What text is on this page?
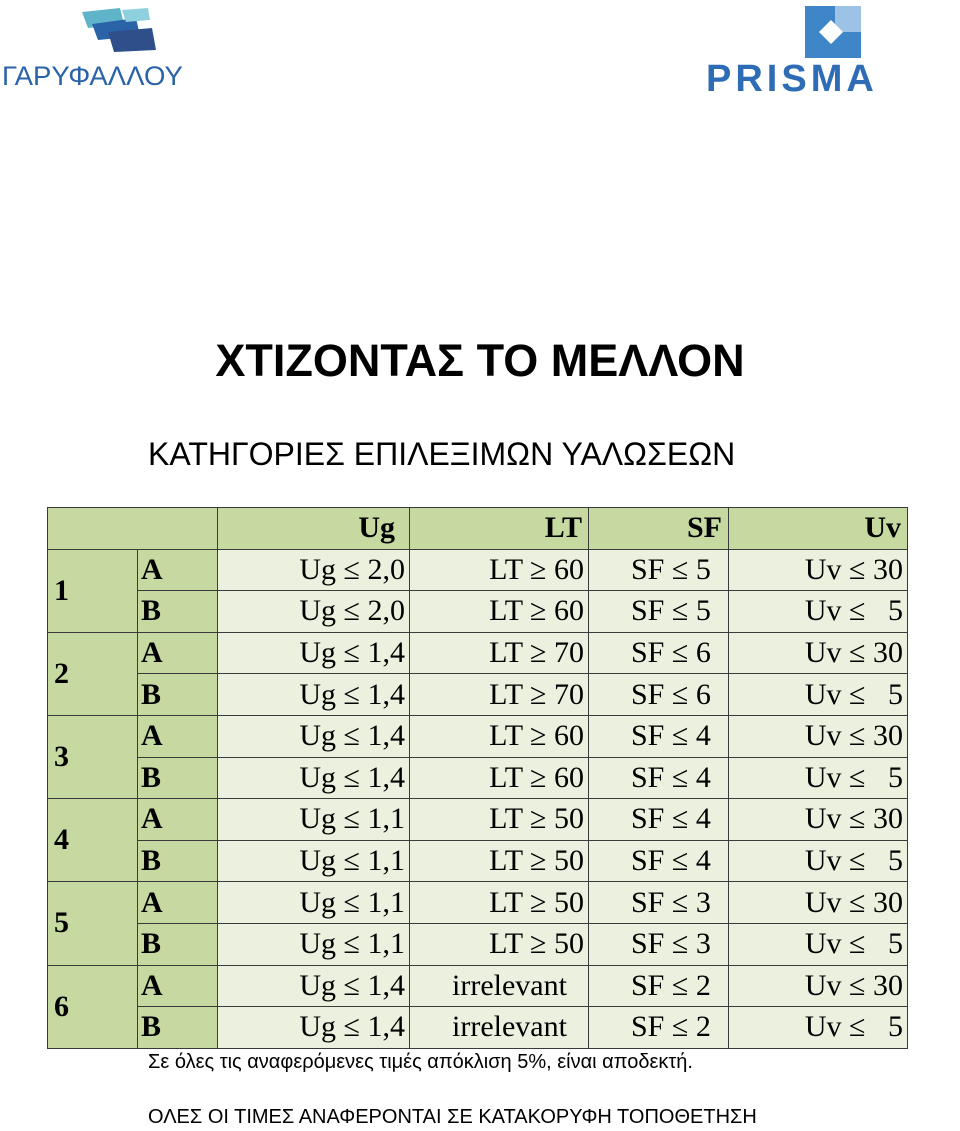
ΓΑΡΥΦΑΛΛΟΥ	PRISMA
ΧΤΙΖΟΝΤΑΣ ΤΟ ΜΕΛΛΟΝ
ΚΑΤΗΓΟΡΙΕΣ ΕΠΙΛΕΞΙΜΩΝ ΥΑΛΩΣΕΩΝ
		Ug	LT	SF	Uv
1	A	Ug ≤ 2,0	LT ≥ 60	SF ≤ 5	Uv ≤ 30
	B	Ug ≤ 2,0	LT ≥ 60	SF ≤ 5	Uv ≤   5
2	A	Ug ≤ 1,4	LT ≥ 70	SF ≤ 6	Uv ≤ 30
	B	Ug ≤ 1,4	LT ≥ 70	SF ≤ 6	Uv ≤   5
3	A	Ug ≤ 1,4	LT ≥ 60	SF ≤ 4	Uv ≤ 30
	B	Ug ≤ 1,4	LT ≥ 60	SF ≤ 4	Uv ≤   5
4	A	Ug ≤ 1,1	LT ≥ 50	SF ≤ 4	Uv ≤ 30
	B	Ug ≤ 1,1	LT ≥ 50	SF ≤ 4	Uv ≤   5
5	A	Ug ≤ 1,1	LT ≥ 50	SF ≤ 3	Uv ≤ 30
	B	Ug ≤ 1,1	LT ≥ 50	SF ≤ 3	Uv ≤   5
6	A	Ug ≤ 1,4	irrelevant	SF ≤ 2	Uv ≤ 30
	B	Ug ≤ 1,4	irrelevant	SF ≤ 2	Uv ≤   5

Σε όλες τις αναφερόμενες τιμές απόκλιση 5%, είναι αποδεκτή.

ΟΛΕΣ ΟΙ ΤΙΜΕΣ ΑΝΑΦΕΡΟΝΤΑΙ ΣΕ ΚΑΤΑΚΟΡΥΦΗ ΤΟΠΟΘΕΤΗΣΗ
